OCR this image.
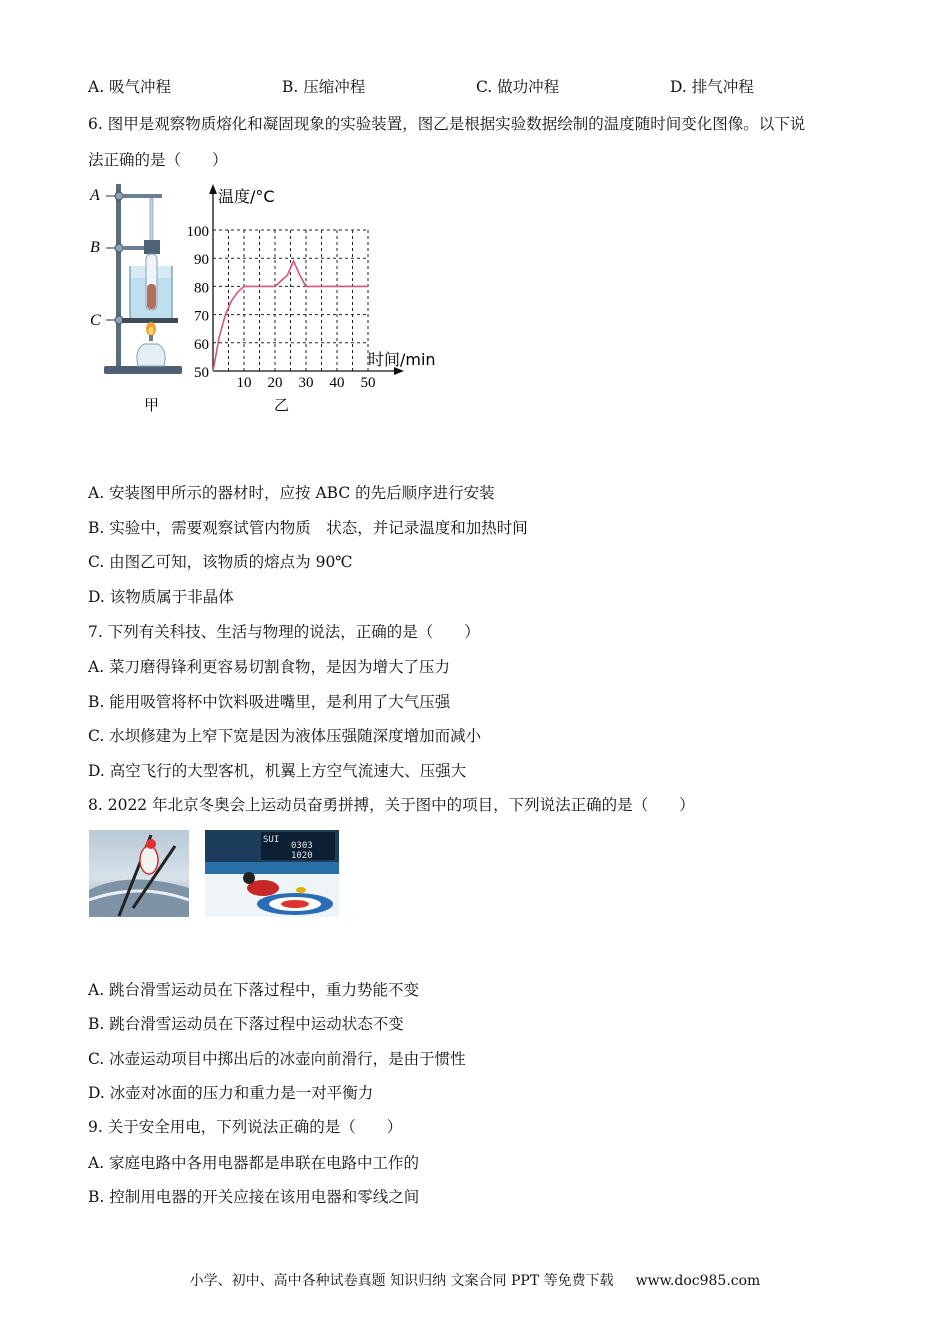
A. 吸气冲程	B. 压缩冲程	C. 做功冲程	D. 排气冲程
6. 图甲是观察物质熔化和凝固现象的实验装置，图乙是根据实验数据绘制的温度随时间变化图像。以下说
法正确的是（　　）
A
B
C
甲
50
60
70
80
90
100
10 20 30 40 50
温度/°C
时间/min
乙
A. 安装图甲所示的器材时，应按 ABC 的先后顺序进行安装
B. 实验中，需要观察试管内物质　状态，并记录温度和加热时间
C. 由图乙可知，该物质的熔点为 90℃
D. 该物质属于非晶体
7. 下列有关科技、生活与物理的说法，正确的是（　　）
A. 菜刀磨得锋利更容易切割食物，是因为增大了压力
B. 能用吸管将杯中饮料吸进嘴里，是利用了大气压强
C. 水坝修建为上窄下宽是因为液体压强随深度增加而减小
D. 高空飞行的大型客机，机翼上方空气流速大、压强大
8. 2022 年北京冬奥会上运动员奋勇拼搏，关于图中的项目，下列说法正确的是（　　）
SUI
0303
1020
A. 跳台滑雪运动员在下落过程中，重力势能不变
B. 跳台滑雪运动员在下落过程中运动状态不变
C. 冰壶运动项目中掷出后的冰壶向前滑行，是由于惯性
D. 冰壶对冰面的压力和重力是一对平衡力
9. 关于安全用电，下列说法正确的是（　　）
A. 家庭电路中各用电器都是串联在电路中工作的
B. 控制用电器的开关应接在该用电器和零线之间
小学、初中、高中各种试卷真题 知识归纳 文案合同 PPT 等免费下载 www.doc985.com
